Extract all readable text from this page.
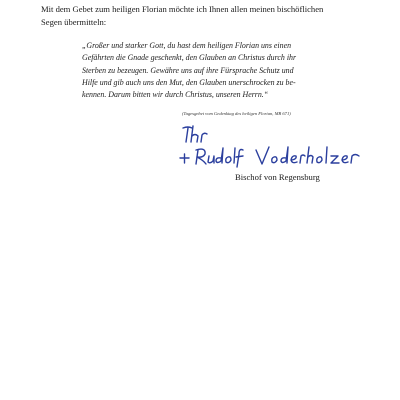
Mit dem Gebet zum heiligen Florian möchte ich Ihnen allen meinen bischöflichen
Segen übermitteln:
„Großer und starker Gott, du hast dem heiligen Florian uns einen
Gefährten die Gnade geschenkt, den Glauben an Christus durch ihr
Sterben zu bezeugen. Gewähre uns auf ihre Fürsprache Schutz und
Hilfe und gib auch uns den Mut, den Glauben unerschrocken zu be-
kennen. Darum bitten wir durch Christus, unseren Herrn.“
(Tagesgebet vom Gedenktag des heiligen Florian, MB 671)
Bischof von Regensburg
